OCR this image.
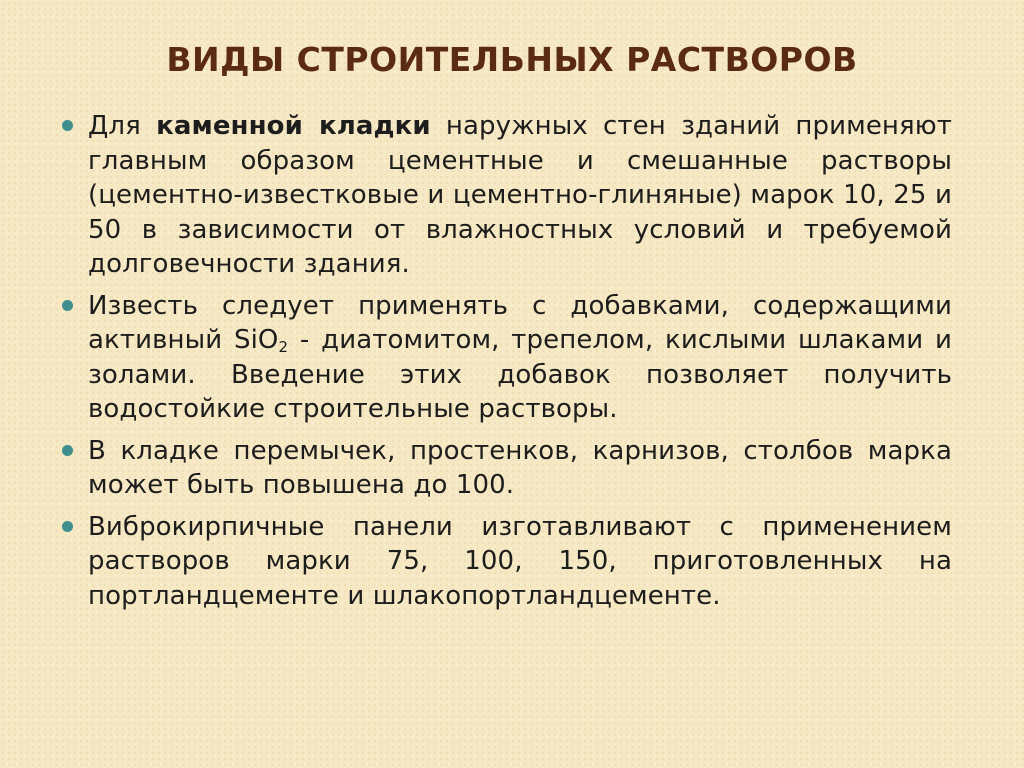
ВИДЫ СТРОИТЕЛЬНЫХ РАСТВОРОВ

Для каменной кладки наружных стен зданий применяют главным образом цементные и смешанные растворы (цементно-известковые и цементно-глиняные) марок 10, 25 и 50 в зависимости от влажностных условий и требуемой долговечности здания.

Известь следует применять с добавками, содержащими активный SiO$_2$ - диатомитом, трепелом, кислыми шлаками и золами. Введение этих добавок позволяет получить водостойкие строительные растворы.

В кладке перемычек, простенков, карнизов, столбов марка может быть повышена до 100.

Виброкирпичные панели изготавливают с применением растворов марки 75, 100, 150, приготовленных на портландцементе и шлакопортландцементе.
